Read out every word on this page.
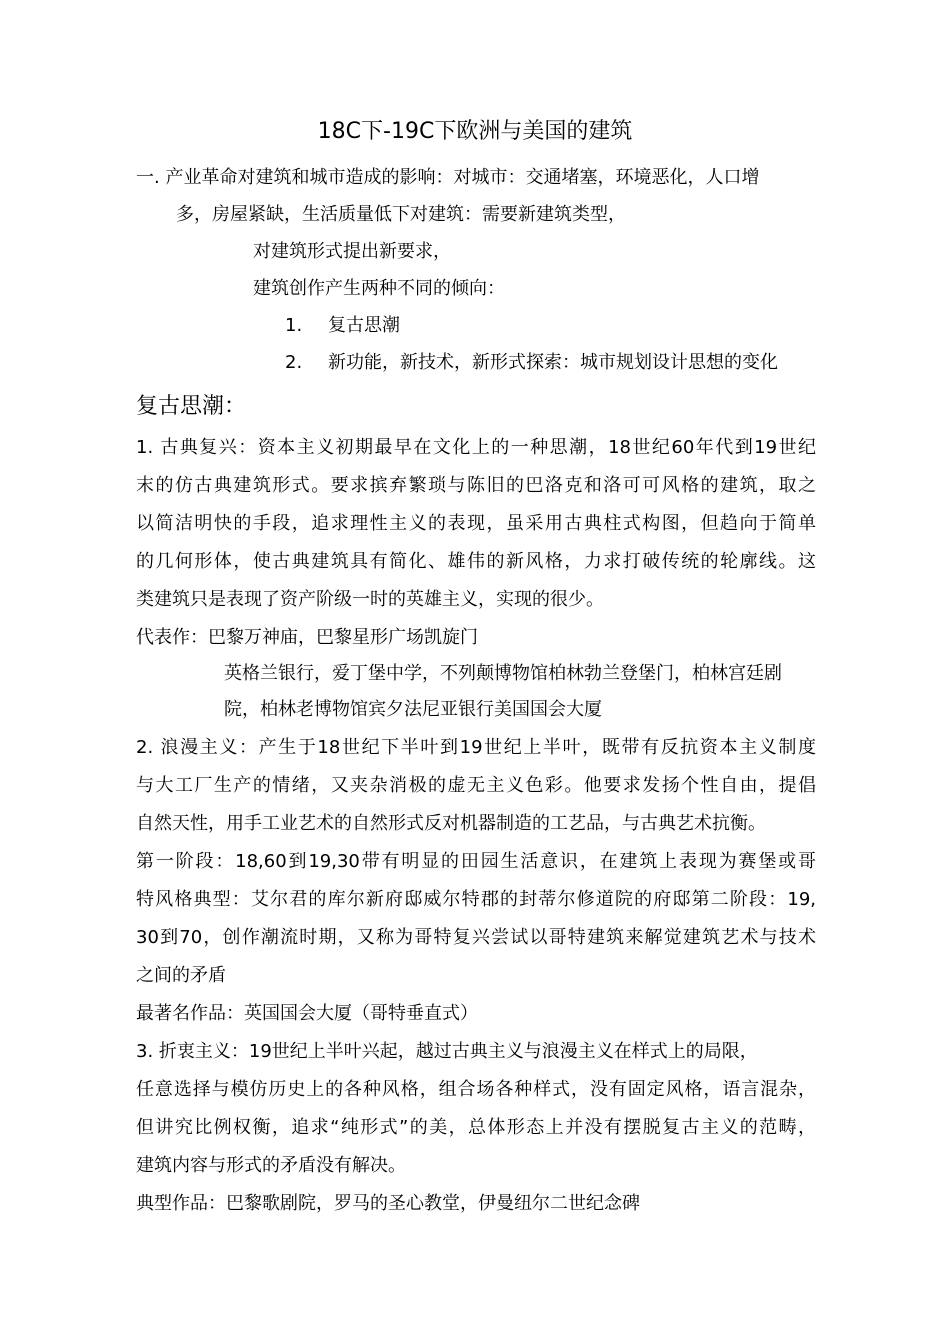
18C下-19C下欧洲与美国的建筑
一. 产业革命对建筑和城市造成的影响：对城市：交通堵塞，环境恶化，人口增
多，房屋紧缺，生活质量低下对建筑：需要新建筑类型，
对建筑形式提出新要求，
建筑创作产生两种不同的倾向：
1. 复古思潮
2. 新功能，新技术，新形式探索：城市规划设计思想的变化
复古思潮：
1. 古典复兴：资本主义初期最早在文化上的一种思潮，18世纪60年代到19世纪
末的仿古典建筑形式。要求摈弃繁琐与陈旧的巴洛克和洛可可风格的建筑，取之
以简洁明快的手段，追求理性主义的表现，虽采用古典柱式构图，但趋向于简单
的几何形体，使古典建筑具有简化、雄伟的新风格，力求打破传统的轮廓线。这
类建筑只是表现了资产阶级一时的英雄主义，实现的很少。
代表作：巴黎万神庙，巴黎星形广场凯旋门
英格兰银行，爱丁堡中学，不列颠博物馆柏林勃兰登堡门，柏林宫廷剧
院，柏林老博物馆宾夕法尼亚银行美国国会大厦
2. 浪漫主义：产生于18世纪下半叶到19世纪上半叶，既带有反抗资本主义制度
与大工厂生产的情绪，又夹杂消极的虚无主义色彩。他要求发扬个性自由，提倡
自然天性，用手工业艺术的自然形式反对机器制造的工艺品，与古典艺术抗衡。
第一阶段：18,60到19,30带有明显的田园生活意识，在建筑上表现为赛堡或哥
特风格典型：艾尔君的库尔新府邸威尔特郡的封蒂尔修道院的府邸第二阶段：19,
30到70，创作潮流时期，又称为哥特复兴尝试以哥特建筑来解觉建筑艺术与技术
之间的矛盾
最著名作品：英国国会大厦（哥特垂直式）
3. 折衷主义：19世纪上半叶兴起，越过古典主义与浪漫主义在样式上的局限，
任意选择与模仿历史上的各种风格，组合场各种样式，没有固定风格，语言混杂，
但讲究比例权衡，追求“纯形式”的美，总体形态上并没有摆脱复古主义的范畴，
建筑内容与形式的矛盾没有解决。
典型作品：巴黎歌剧院，罗马的圣心教堂，伊曼纽尔二世纪念碑
